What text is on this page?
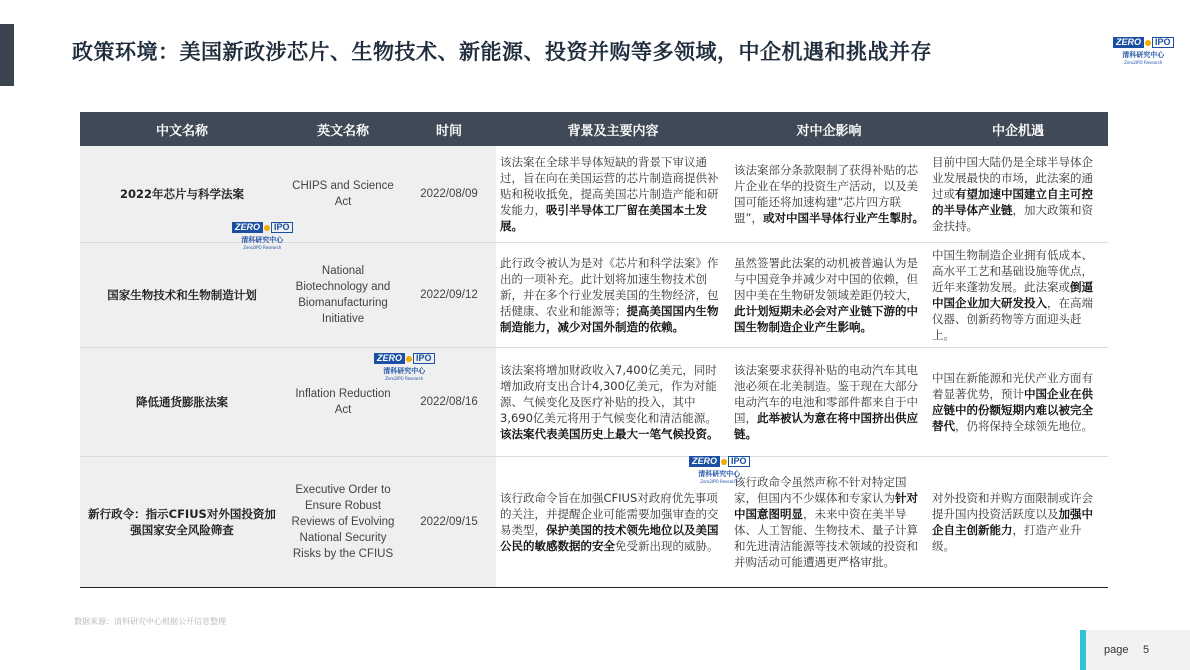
政策环境：美国新政涉芯片、生物技术、新能源、投资并购等多领域，中企机遇和挑战并存	ZERO	IPO
清科研究中心
Zero2IPO Research
中文名称	英文名称	时间	背景及主要内容	对中企影响	中企机遇
2022年芯片与科学法案	CHIPS and Science Act	2022/08/09	该法案在全球半导体短缺的背景下审议通过，旨在向在美国运营的芯片制造商提供补贴和税收抵免，提高美国芯片制造产能和研发能力，吸引半导体工厂留在美国本土发展。	该法案部分条款限制了获得补贴的芯片企业在华的投资生产活动，以及美国可能还将加速构建“芯片四方联盟”，或对中国半导体行业产生掣肘。	目前中国大陆仍是全球半导体企业发展最快的市场，此法案的通过或有望加速中国建立自主可控的半导体产业链，加大政策和资金扶持。
国家生物技术和生物制造计划	National Biotechnology and Biomanufacturing Initiative	2022/09/12	此行政令被认为是对《芯片和科学法案》作出的一项补充。此计划将加速生物技术创新，并在多个行业发展美国的生物经济，包括健康、农业和能源等；提高美国国内生物制造能力，减少对国外制造的依赖。	虽然签署此法案的动机被普遍认为是与中国竞争并减少对中国的依赖，但因中美在生物研发领域差距仍较大，此计划短期未必会对产业链下游的中国生物制造企业产生影响。	中国生物制造企业拥有低成本、高水平工艺和基础设施等优点，近年来蓬勃发展。此法案或倒逼中国企业加大研发投入，在高端仪器、创新药物等方面迎头赶上。
降低通货膨胀法案	Inflation Reduction Act	2022/08/16	该法案将增加财政收入7,400亿美元，同时增加政府支出合计4,300亿美元，作为对能源、气候变化及医疗补贴的投入，其中3,690亿美元将用于气候变化和清洁能源。该法案代表美国历史上最大一笔气候投资。	该法案要求获得补贴的电动汽车其电池必须在北美制造。鉴于现在大部分电动汽车的电池和零部件都来自于中国，此举被认为意在将中国挤出供应链。	中国在新能源和光伏产业方面有着显著优势，预计中国企业在供应链中的份额短期内难以被完全替代，仍将保持全球领先地位。
新行政令：指示CFIUS对外国投资加强国家安全风险筛查	Executive Order to Ensure Robust Reviews of Evolving National Security Risks by the CFIUS	2022/09/15	该行政命令旨在加强CFIUS对政府优先事项的关注，并提醒企业可能需要加强审查的交易类型，保护美国的技术领先地位以及美国公民的敏感数据的安全免受新出现的威胁。	该行政命令虽然声称不针对特定国家，但国内不少媒体和专家认为针对中国意图明显，未来中资在美半导体、人工智能、生物技术、量子计算和先进清洁能源等技术领域的投资和并购活动可能遭遇更严格审批。	对外投资和并购方面限制或许会提升国内投资活跃度以及加强中企自主创新能力，打造产业升级。
ZERO	IPO
清科研究中心
Zero2IPO Research
ZERO	IPO
清科研究中心
Zero2IPO Research
ZERO	IPO
清科研究中心
Zero2IPO Research
数据来源：清科研究中心根据公开信息整理
page 5
